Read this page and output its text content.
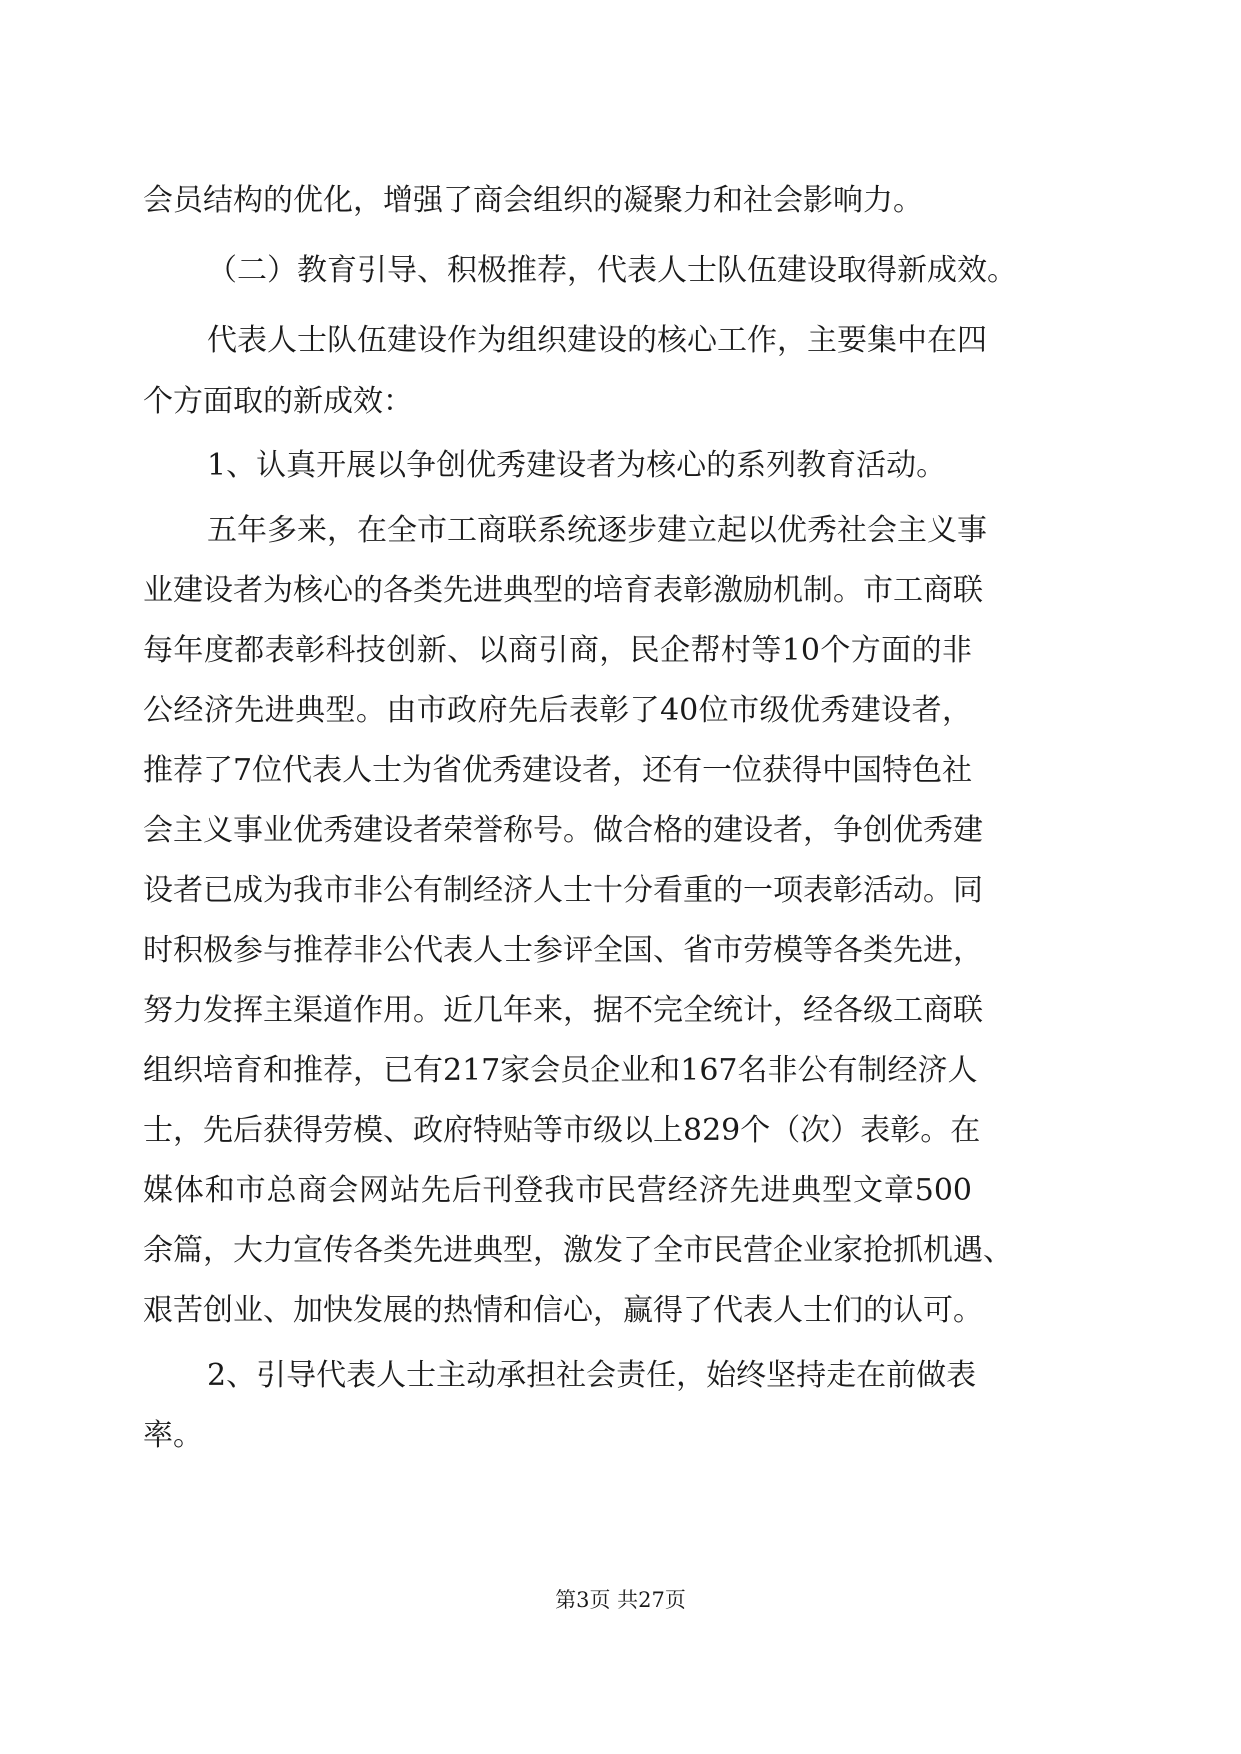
会员结构的优化，增强了商会组织的凝聚力和社会影响力。
（二）教育引导、积极推荐，代表人士队伍建设取得新成效。
代表人士队伍建设作为组织建设的核心工作，主要集中在四
个方面取的新成效：
1、认真开展以争创优秀建设者为核心的系列教育活动。
五年多来，在全市工商联系统逐步建立起以优秀社会主义事
业建设者为核心的各类先进典型的培育表彰激励机制。市工商联
每年度都表彰科技创新、以商引商，民企帮村等10个方面的非
公经济先进典型。由市政府先后表彰了40位市级优秀建设者，
推荐了7位代表人士为省优秀建设者，还有一位获得中国特色社
会主义事业优秀建设者荣誉称号。做合格的建设者，争创优秀建
设者已成为我市非公有制经济人士十分看重的一项表彰活动。同
时积极参与推荐非公代表人士参评全国、省市劳模等各类先进，
努力发挥主渠道作用。近几年来，据不完全统计，经各级工商联
组织培育和推荐，已有217家会员企业和167名非公有制经济人
士，先后获得劳模、政府特贴等市级以上829个（次）表彰。在
媒体和市总商会网站先后刊登我市民营经济先进典型文章500
余篇，大力宣传各类先进典型，激发了全市民营企业家抢抓机遇、
艰苦创业、加快发展的热情和信心，赢得了代表人士们的认可。
2、引导代表人士主动承担社会责任，始终坚持走在前做表
率。
第3页 共27页
